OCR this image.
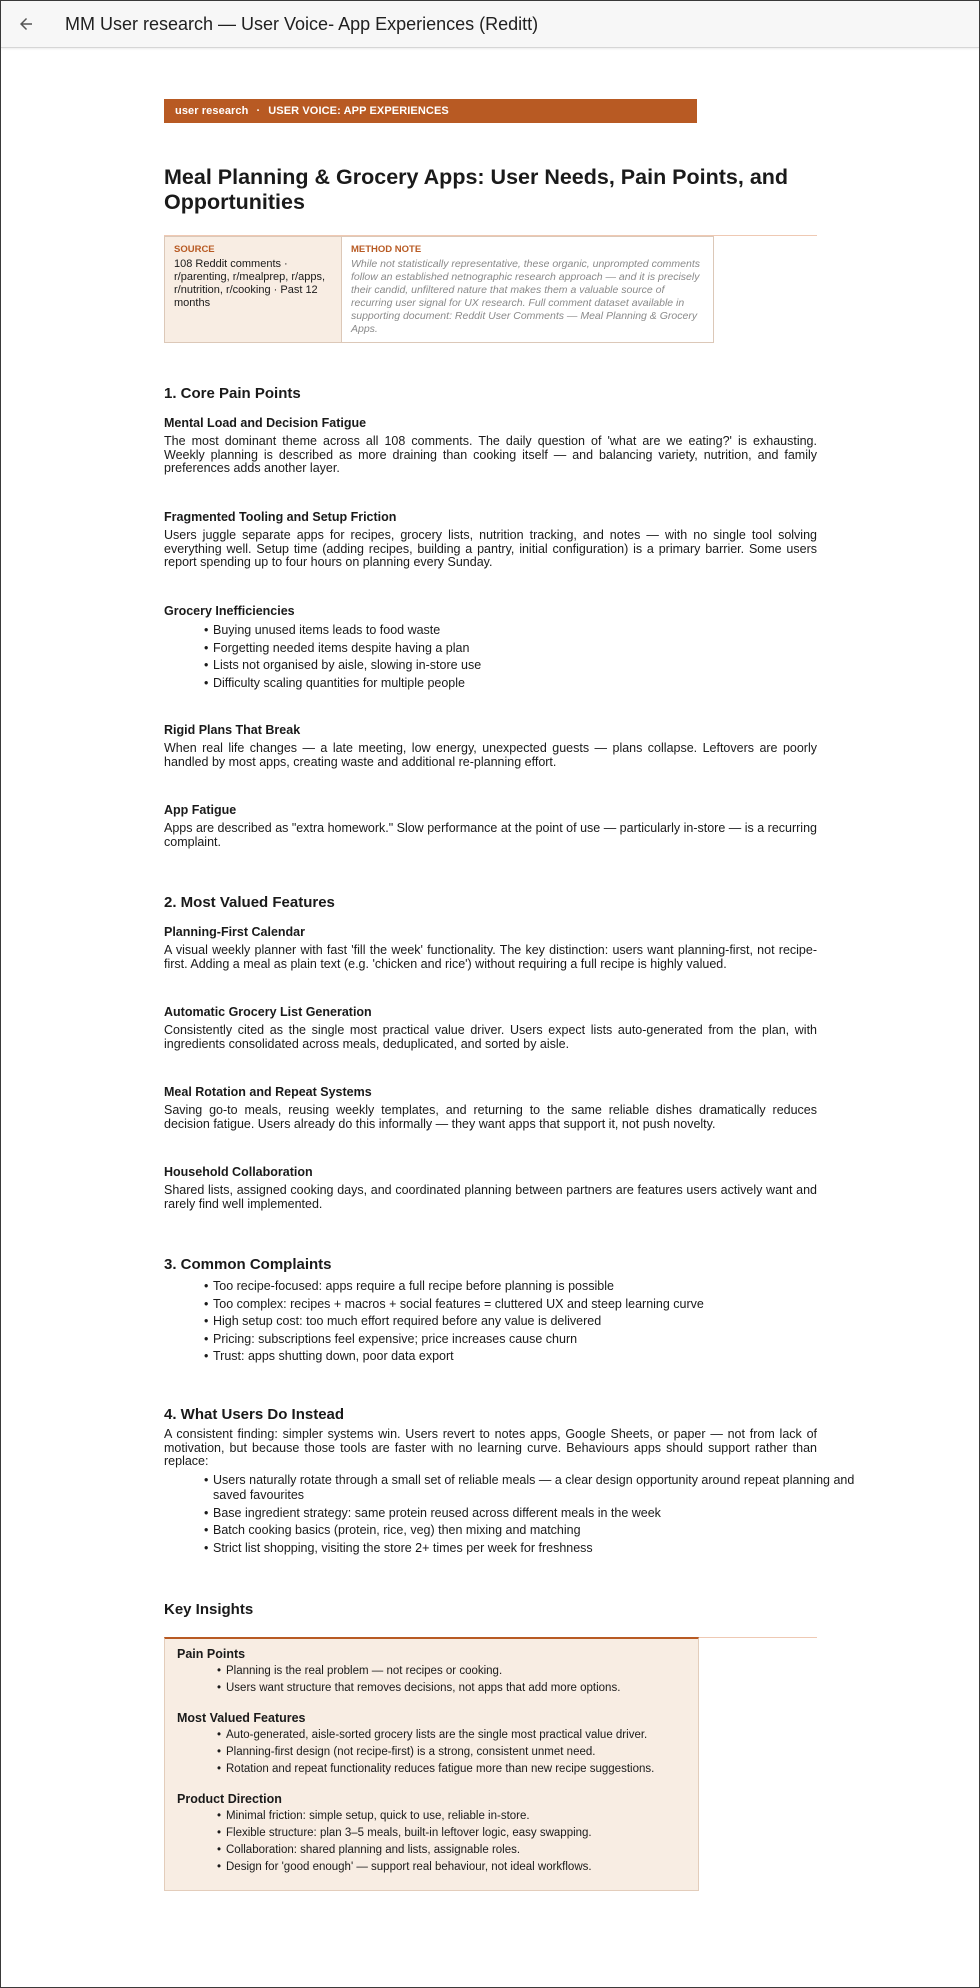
MM User research — User Voice- App Experiences (Reditt)
user research · USER VOICE: APP EXPERIENCES
Meal Planning & Grocery Apps: User Needs, Pain Points, and Opportunities
SOURCE
108 Reddit comments · r/parenting, r/mealprep, r/apps, r/nutrition, r/cooking · Past 12 months
METHOD NOTE
While not statistically representative, these organic, unprompted comments follow an established netnographic research approach — and it is precisely their candid, unfiltered nature that makes them a valuable source of recurring user signal for UX research. Full comment dataset available in supporting document: Reddit User Comments — Meal Planning & Grocery Apps.
1. Core Pain Points
Mental Load and Decision Fatigue

The most dominant theme across all 108 comments. The daily question of 'what are we eating?' is exhausting. Weekly planning is described as more draining than cooking itself — and balancing variety, nutrition, and family preferences adds another layer.

Fragmented Tooling and Setup Friction

Users juggle separate apps for recipes, grocery lists, nutrition tracking, and notes — with no single tool solving everything well. Setup time (adding recipes, building a pantry, initial configuration) is a primary barrier. Some users report spending up to four hours on planning every Sunday.

Grocery Inefficiencies
• Buying unused items leads to food waste
• Forgetting needed items despite having a plan
• Lists not organised by aisle, slowing in-store use
• Difficulty scaling quantities for multiple people
Rigid Plans That Break

When real life changes — a late meeting, low energy, unexpected guests — plans collapse. Leftovers are poorly handled by most apps, creating waste and additional re-planning effort.

App Fatigue

Apps are described as "extra homework." Slow performance at the point of use — particularly in-store — is a recurring complaint.

2. Most Valued Features
Planning-First Calendar

A visual weekly planner with fast 'fill the week' functionality. The key distinction: users want planning-first, not recipe-first. Adding a meal as plain text (e.g. 'chicken and rice') without requiring a full recipe is highly valued.

Automatic Grocery List Generation

Consistently cited as the single most practical value driver. Users expect lists auto-generated from the plan, with ingredients consolidated across meals, deduplicated, and sorted by aisle.

Meal Rotation and Repeat Systems

Saving go-to meals, reusing weekly templates, and returning to the same reliable dishes dramatically reduces decision fatigue. Users already do this informally — they want apps that support it, not push novelty.

Household Collaboration

Shared lists, assigned cooking days, and coordinated planning between partners are features users actively want and rarely find well implemented.

3. Common Complaints
• Too recipe-focused: apps require a full recipe before planning is possible
• Too complex: recipes + macros + social features = cluttered UX and steep learning curve
• High setup cost: too much effort required before any value is delivered
• Pricing: subscriptions feel expensive; price increases cause churn
• Trust: apps shutting down, poor data export
4. What Users Do Instead

A consistent finding: simpler systems win. Users revert to notes apps, Google Sheets, or paper — not from lack of motivation, but because those tools are faster with no learning curve. Behaviours apps should support rather than replace:

• Users naturally rotate through a small set of reliable meals — a clear design opportunity around repeat planning and saved favourites
• Base ingredient strategy: same protein reused across different meals in the week
• Batch cooking basics (protein, rice, veg) then mixing and matching
• Strict list shopping, visiting the store 2+ times per week for freshness
Key Insights
Pain Points
• Planning is the real problem — not recipes or cooking.
• Users want structure that removes decisions, not apps that add more options.
Most Valued Features
• Auto-generated, aisle-sorted grocery lists are the single most practical value driver.
• Planning-first design (not recipe-first) is a strong, consistent unmet need.
• Rotation and repeat functionality reduces fatigue more than new recipe suggestions.
Product Direction
• Minimal friction: simple setup, quick to use, reliable in-store.
• Flexible structure: plan 3–5 meals, built-in leftover logic, easy swapping.
• Collaboration: shared planning and lists, assignable roles.
• Design for 'good enough' — support real behaviour, not ideal workflows.
